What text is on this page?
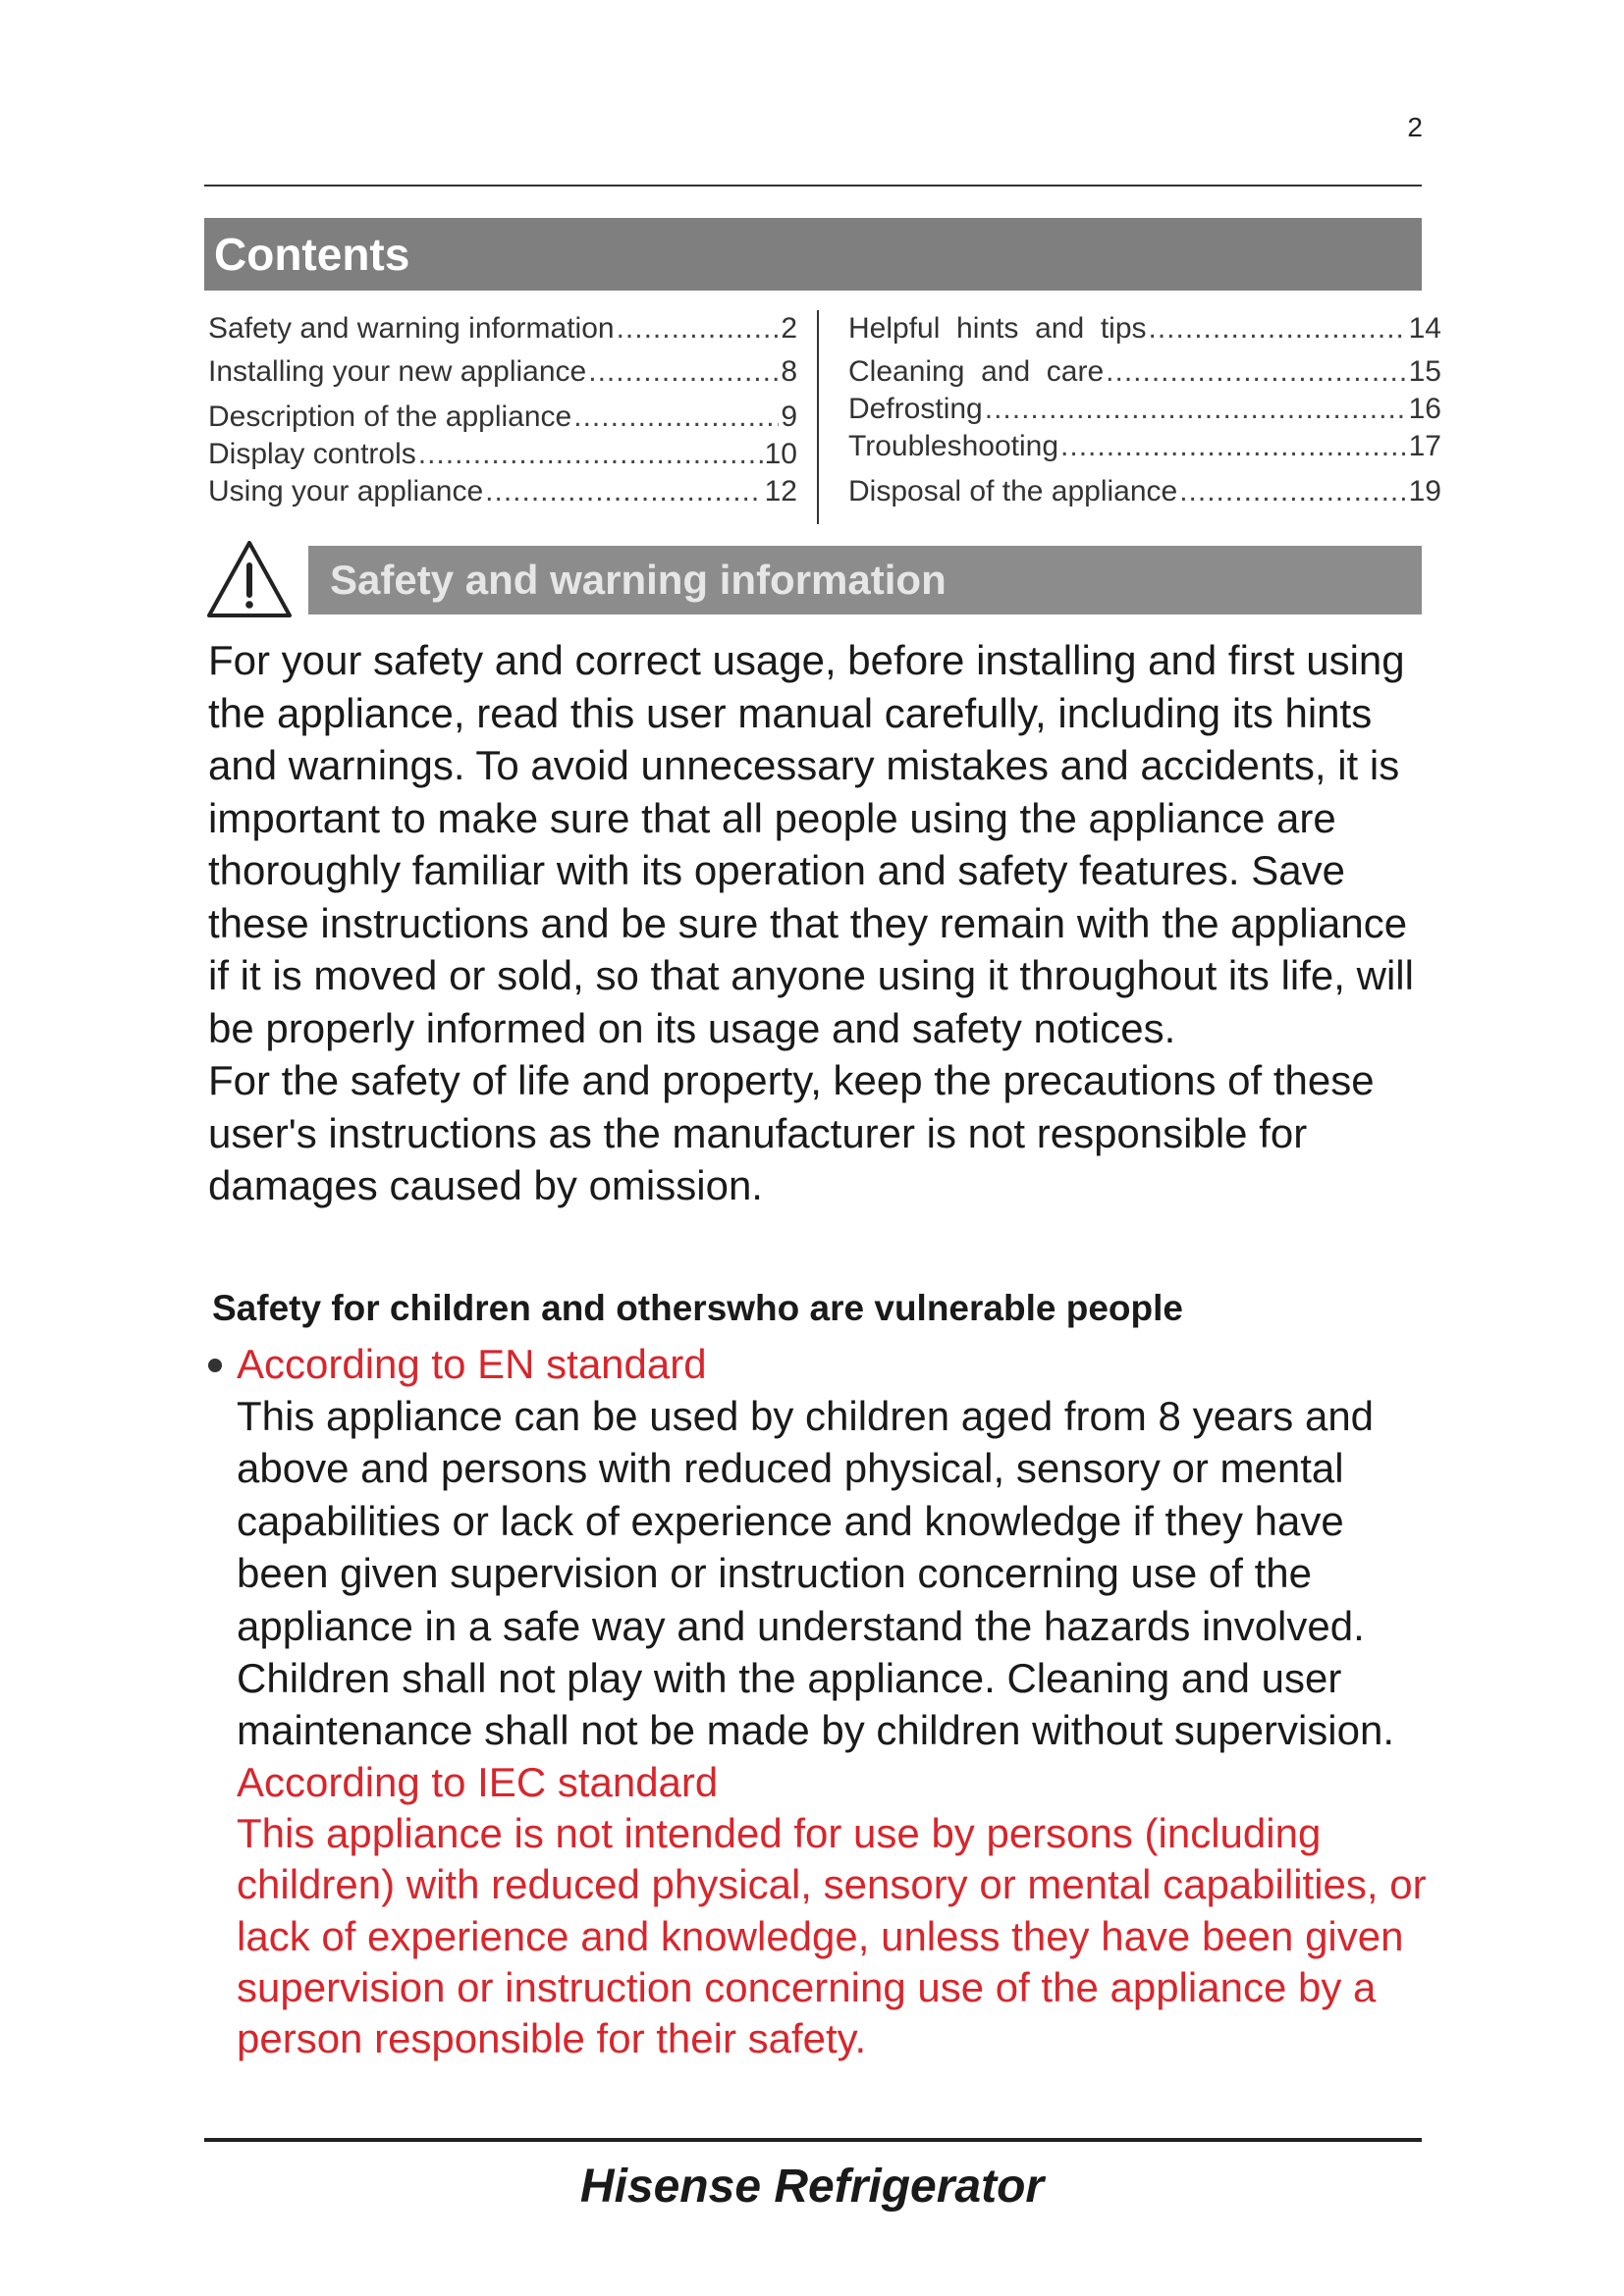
2
Contents
Safety and warning information .....	2
Installing your new appliance .....	8
Description of the appliance .....	9
Display controls .....	10
Using your appliance .....	12
Helpful  hints  and  tips .....	14
Cleaning  and  care .....	15
Defrosting .....	16
Troubleshooting .....	17
Disposal of the appliance .....	19
Safety and warning information

For your safety and correct usage, before installing and first using the appliance, read this user manual carefully, including its hints and warnings. To avoid unnecessary mistakes and accidents, it is important to make sure that all people using the appliance are thoroughly familiar with its operation and safety features. Save these instructions and be sure that they remain with the appliance if it is moved or sold, so that anyone using it throughout its life, will be properly informed on its usage and safety notices.

For the safety of life and property, keep the precautions of these user's instructions as the manufacturer is not responsible for damages caused by omission.

Safety for children and otherswho are vulnerable people
According to EN standard
This appliance can be used by children aged from 8 years and above and persons with reduced physical, sensory or mental capabilities or lack of experience and knowledge if they have been given supervision or instruction concerning use of the appliance in a safe way and understand the hazards involved. Children shall not play with the appliance. Cleaning and user maintenance shall not be made by children without supervision.
According to IEC standard
This appliance is not intended for use by persons (including children) with reduced physical, sensory or mental capabilities, or lack of experience and knowledge, unless they have been given supervision or instruction concerning use of the appliance by a person responsible for their safety.
Hisense Refrigerator
